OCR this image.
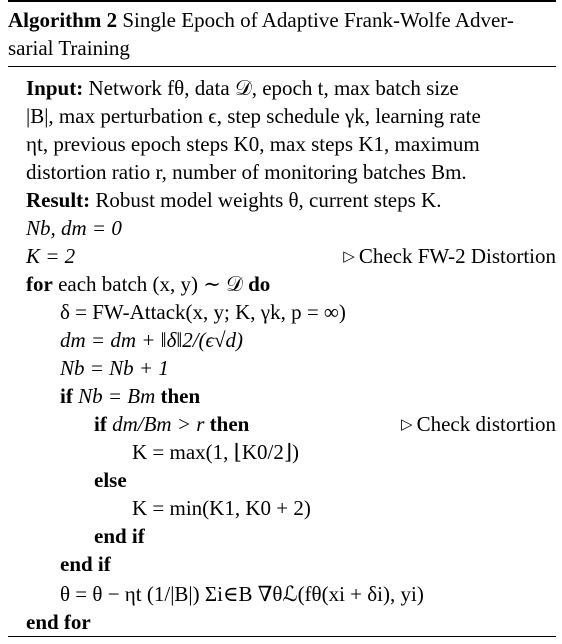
Algorithm 2 Single Epoch of Adaptive Frank-Wolfe Adver-
sarial Training
Input: Network fθ, data 𝒟, epoch t, max batch size
|B|, max perturbation ϵ, step schedule γk, learning rate
ηt, previous epoch steps K0, max steps K1, maximum
distortion ratio r, number of monitoring batches Bm.
Result: Robust model weights θ, current steps K.
Nb, dm = 0
K = 2	▷ Check FW-2 Distortion
for each batch (x, y) ∼ 𝒟 do
δ = FW-Attack(x, y; K, γk, p = ∞)
dm = dm + ‖δ‖2/(ϵ√d)
Nb = Nb + 1
if Nb = Bm then
if dm/Bm > r then	▷ Check distortion
K = max(1, ⌊K0/2⌋)
else
K = min(K1, K0 + 2)
end if
end if
θ = θ − ηt (1/|B|) Σi∈B ∇θℒ(fθ(xi + δi), yi)
end for
